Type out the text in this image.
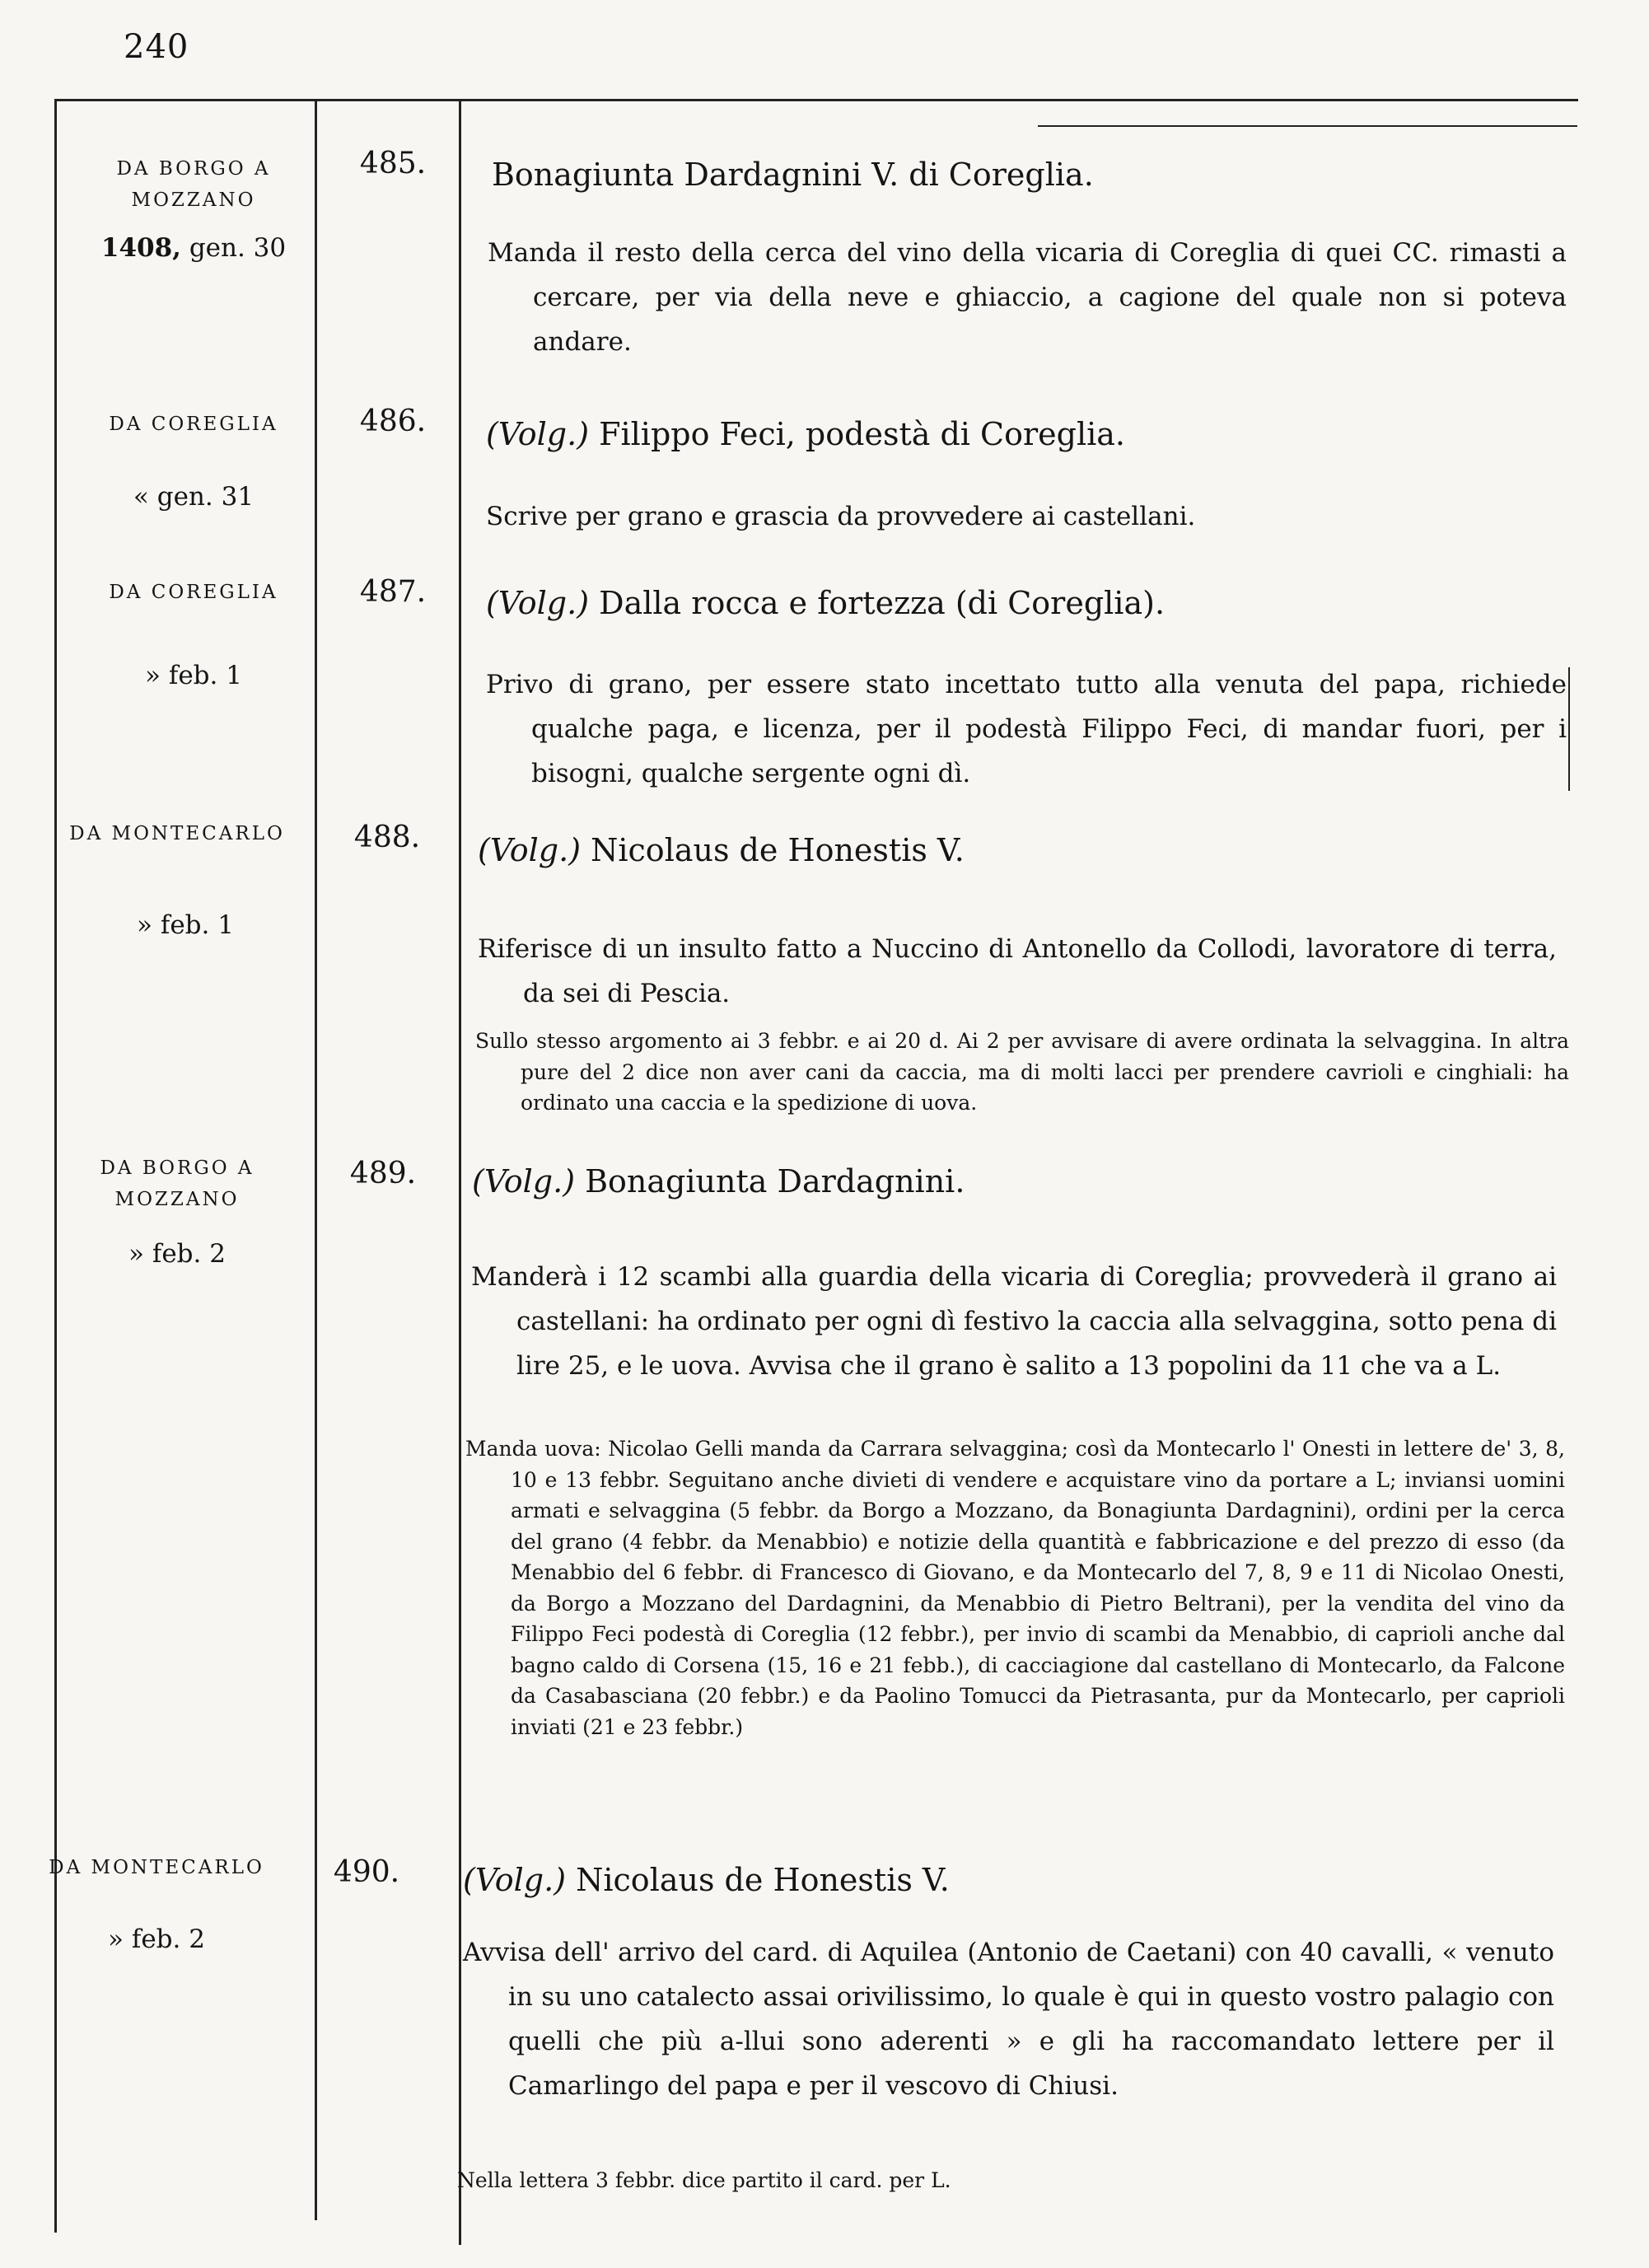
240
DA BORGO A MOZZANO
1408, gen. 30
485.	Bonagiunta Dardagnini V. di Coreglia.
Manda il resto della cerca del vino della vicaria di Coreglia di quei CC. rimasti a cercare, per via della neve e ghiaccio, a cagione del quale non si poteva andare.
DA COREGLIA
« gen. 31
486.	(Volg.) Filippo Feci, podestà di Coreglia.
Scrive per grano e grascia da provvedere ai castellani.
DA COREGLIA
» feb. 1
487.	(Volg.) Dalla rocca e fortezza (di Coreglia).
Privo di grano, per essere stato incettato tutto alla venuta del papa, richiede qualche paga, e licenza, per il podestà Filippo Feci, di mandar fuori, per i bisogni, qualche sergente ogni dì.
DA MONTECARLO
» feb. 1
488.	(Volg.) Nicolaus de Honestis V.
Riferisce di un insulto fatto a Nuccino di Antonello da Collodi, lavoratore di terra, da sei di Pescia.
Sullo stesso argomento ai 3 febbr. e ai 20 d. Ai 2 per avvisare di avere ordinata la selvaggina. In altra pure del 2 dice non aver cani da caccia, ma di molti lacci per prendere cavrioli e cinghiali: ha ordinato una caccia e la spedizione di uova.
DA BORGO A MOZZANO
» feb. 2
489.	(Volg.) Bonagiunta Dardagnini.
Manderà i 12 scambi alla guardia della vicaria di Coreglia; provvederà il grano ai castellani: ha ordinato per ogni dì festivo la caccia alla selvaggina, sotto pena di lire 25, e le uova. Avvisa che il grano è salito a 13 popolini da 11 che va a L.
Manda uova: Nicolao Gelli manda da Carrara selvaggina; così da Montecarlo l' Onesti in lettere de' 3, 8, 10 e 13 febbr. Seguitano anche divieti di vendere e acquistare vino da portare a L; inviansi uomini armati e selvaggina (5 febbr. da Borgo a Mozzano, da Bonagiunta Dardagnini), ordini per la cerca del grano (4 febbr. da Menabbio) e notizie della quantità e fabbricazione e del prezzo di esso (da Menabbio del 6 febbr. di Francesco di Giovano, e da Montecarlo del 7, 8, 9 e 11 di Nicolao Onesti, da Borgo a Mozzano del Dardagnini, da Menabbio di Pietro Beltrani), per la vendita del vino da Filippo Feci podestà di Coreglia (12 febbr.), per invio di scambi da Menabbio, di caprioli anche dal bagno caldo di Corsena (15, 16 e 21 febb.), di cacciagione dal castellano di Montecarlo, da Falcone da Casabasciana (20 febbr.) e da Paolino Tomucci da Pietrasanta, pur da Montecarlo, per caprioli inviati (21 e 23 febbr.)
DA MONTECARLO
» feb. 2
490.	(Volg.) Nicolaus de Honestis V.
Avvisa dell' arrivo del card. di Aquilea (Antonio de Caetani) con 40 cavalli, « venuto in su uno catalecto assai orivilissimo, lo quale è qui in questo vostro palagio con quelli che più a-llui sono aderenti » e gli ha raccomandato lettere per il Camarlingo del papa e per il vescovo di Chiusi.
Nella lettera 3 febbr. dice partito il card. per L.
